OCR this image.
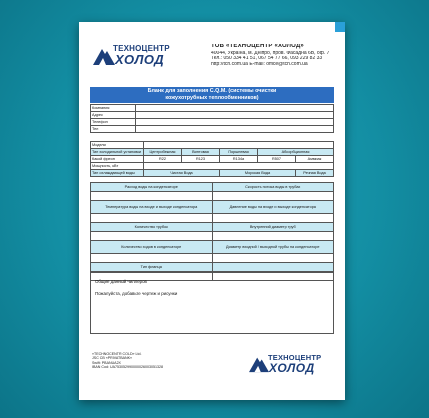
ТЕХНОЦЕНТР
ХОЛОД
ТОВ «ТЕХНОЦЕНТР «ХОЛОД»
40044, Україна, м. Дніпро, пров. Фасадна 6В, оф. 7
Тел.: 050 334 41 51, 067 54 77 66, 093 229 82 33
http://tch.com.ua E-mail: office@tch.com.ua
Бланк для заполнения С.Q.M. (системы очистки
кожухотрубных теплообменников)
Компания	
Адрес	
Телефон	
Тел	
Модели					
Тип холодильной установки	Центробежная	Винтовая	Поршневая	Абсорбционная	
Какой фреон	R22	R123	R134a	R507	Аммиак
Мощность, кВт					
Тип охлаждающей воды	Чистая Вода		Морская Вода		Речная Вода
Расход воды на конденсаторе	Скорость потока воды в трубах

Температура воды на входе и выходе конденсатора	Давление воды на входе и выходе конденсатора

Количество трубок	Внутренний диаметр труб

Количество ходов в конденсаторе	Диаметр входной / выходной трубы на конденсаторе

Тип фланца	

Общие данный чиллеров
Пожалуйста, добавьте чертеж и рисунки
«TECHNOCENTR COLD» Ltd.
JSC CB «PRIVATBANK»
Swift: PBANUA2X
IBAN Cod: UA753052990000026003051328
ТЕХНОЦЕНТР
ХОЛОД
